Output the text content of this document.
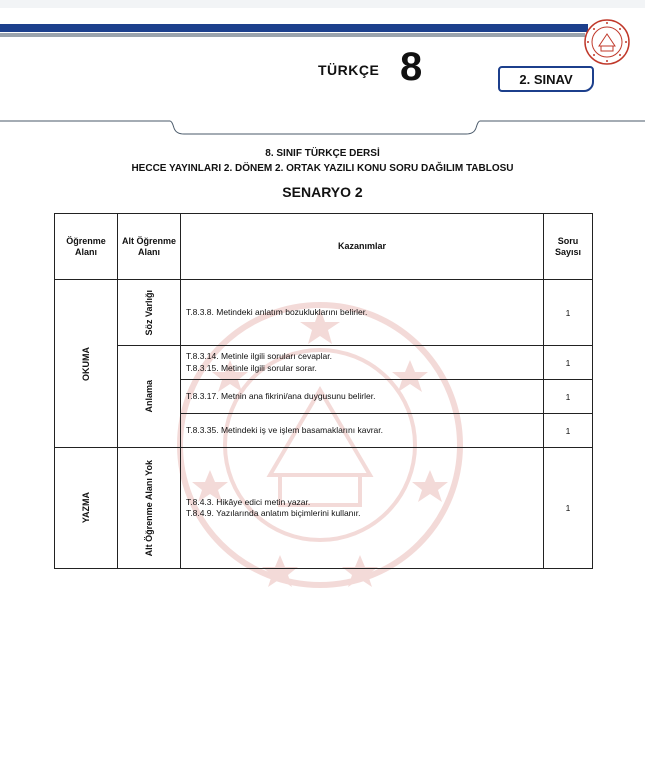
TÜRKÇE 8	2. SINAV
8. SINIF TÜRKÇE DERSİ
HECCE YAYINLARI 2. DÖNEM 2. ORTAK YAZILI KONU SORU DAĞILIM TABLOSU
SENARYO 2
Öğrenme Alanı	Alt Öğrenme Alanı	Kazanımlar	Soru Sayısı

OKUMA	Söz Varlığı	T.8.3.8. Metindeki anlatım bozukluklarını belirler.	1

	Anlama	T.8.3.14. Metinle ilgili soruları cevaplar.
T.8.3.15. Metinle ilgili sorular sorar.	1

		T.8.3.17. Metnin ana fikrini/ana duygusunu belirler.	1

		T.8.3.35. Metindeki iş ve işlem basamaklarını kavrar.	1

YAZMA	Alt Öğrenme Alanı Yok	T.8.4.3. Hikâye edici metin yazar.
T.8.4.9. Yazılarında anlatım biçimlerini kullanır.	1
